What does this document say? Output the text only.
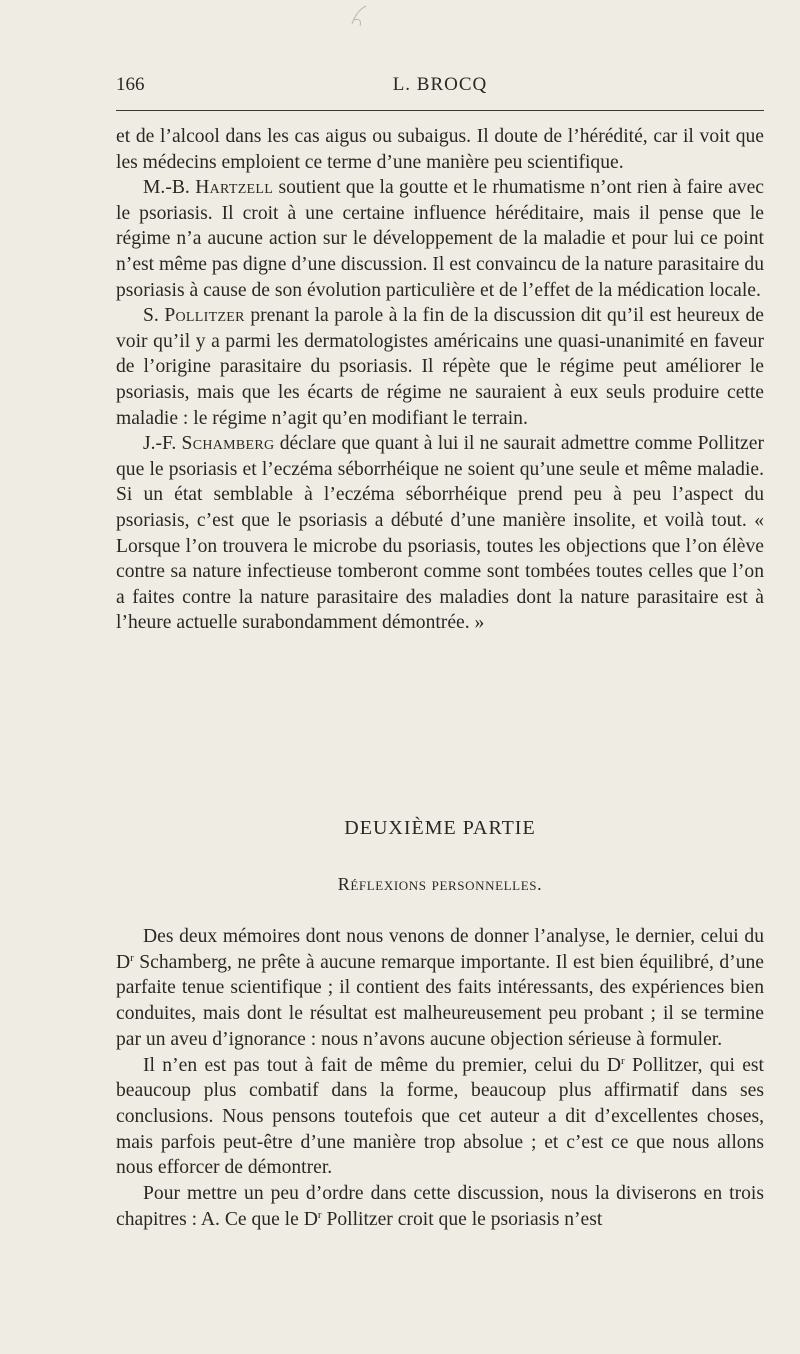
166	L. BROCQ

et de l’alcool dans les cas aigus ou subaigus. Il doute de l’hérédité, car il voit que les médecins emploient ce terme d’une manière peu scientifique.

M.-B. Hartzell soutient que la goutte et le rhumatisme n’ont rien à faire avec le psoriasis. Il croit à une certaine influence héréditaire, mais il pense que le régime n’a aucune action sur le développement de la maladie et pour lui ce point n’est même pas digne d’une discussion. Il est convaincu de la nature parasitaire du psoriasis à cause de son évolution particulière et de l’effet de la médication locale.

S. Pollitzer prenant la parole à la fin de la discussion dit qu’il est heureux de voir qu’il y a parmi les dermatologistes américains une quasi-unanimité en faveur de l’origine parasitaire du psoriasis. Il répète que le régime peut améliorer le psoriasis, mais que les écarts de régime ne sauraient à eux seuls produire cette maladie : le régime n’agit qu’en modifiant le terrain.

J.-F. Schamberg déclare que quant à lui il ne saurait admettre comme Pollitzer que le psoriasis et l’eczéma séborrhéique ne soient qu’une seule et même maladie. Si un état semblable à l’eczéma séborrhéique prend peu à peu l’aspect du psoriasis, c’est que le psoriasis a débuté d’une manière insolite, et voilà tout. « Lorsque l’on trouvera le microbe du psoriasis, toutes les objections que l’on élève contre sa nature infectieuse tomberont comme sont tombées toutes celles que l’on a faites contre la nature parasitaire des maladies dont la nature parasitaire est à l’heure actuelle surabondamment démontrée. »

DEUXIÈME PARTIE
Réflexions personnelles.

Des deux mémoires dont nous venons de donner l’analyse, le dernier, celui du $D^r$ Schamberg, ne prête à aucune remarque importante. Il est bien équilibré, d’une parfaite tenue scientifique ; il contient des faits intéressants, des expériences bien conduites, mais dont le résultat est malheureusement peu probant ; il se termine par un aveu d’ignorance : nous n’avons aucune objection sérieuse à formuler.

Il n’en est pas tout à fait de même du premier, celui du $D^r$ Pollitzer, qui est beaucoup plus combatif dans la forme, beaucoup plus affirmatif dans ses conclusions. Nous pensons toutefois que cet auteur a dit d’excellentes choses, mais parfois peut-être d’une manière trop absolue ; et c’est ce que nous allons nous efforcer de démontrer.

Pour mettre un peu d’ordre dans cette discussion, nous la diviserons en trois chapitres : A. Ce que le $D^r$ Pollitzer croit que le psoriasis n’est
